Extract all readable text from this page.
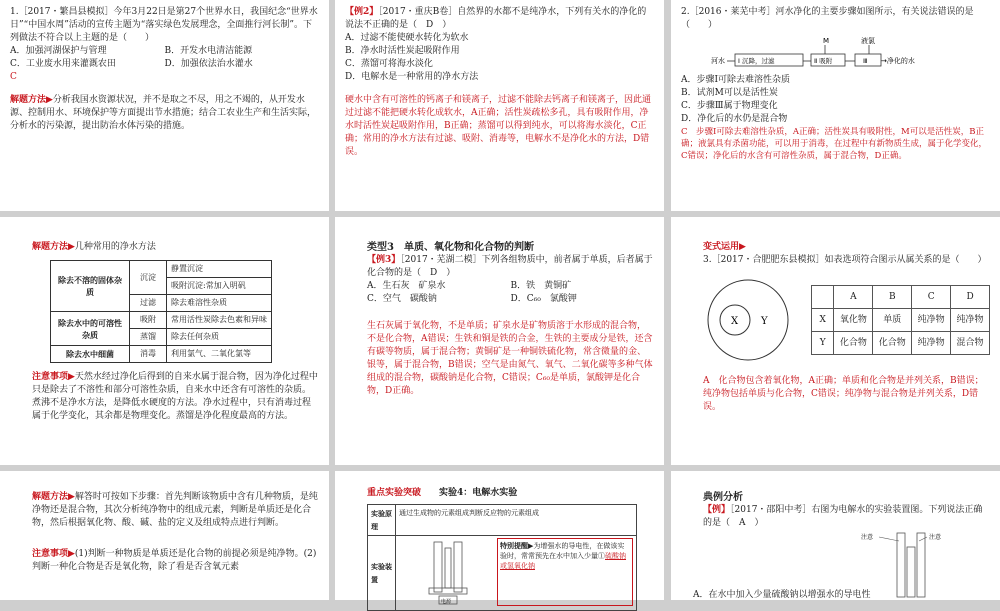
1.［2017・繁昌县模拟］今年3月22日是第27个世界水日，我国纪念“世界水日”“中国水周”活动的宣传主题为“落实绿色发展理念，全面推行河长制”。下列做法不符合以上主题的是（　　）
A．加强河湖保护与管理	B．开发水电清洁能源
C．工业废水用来灌溉农田	D．加强依法治水灌水
C
解题方法▶分析我国水资源状况，并不是取之不尽，用之不竭的，从开发水源、控制用水、环境保护等方面提出节水措施；结合工农业生产和生活实际，分析水的污染源，提出防治水体污染的措施。
【例2】［2017・重庆B卷］自然界的水都不是纯净水，下列有关水的净化的说法不正确的是（　D　）
A．过滤不能使硬水转化为软水
B．净水时活性炭起吸附作用
C．蒸馏可将海水淡化
D．电解水是一种常用的净水方法
硬水中含有可溶性的钙离子和镁离子，过滤不能除去钙离子和镁离子，因此通过过滤不能把硬水转化成软水，A正确；活性炭疏松多孔，具有吸附作用，净水时活性炭起吸附作用，B正确；蒸馏可以得到纯水，可以将海水淡化，C正确；常用的净水方法有过滤、吸附、消毒等，电解水不是净化水的方法，D错误。
2.［2016・莱芜中考］河水净化的主要步骤如图所示，有关说法错误的是（　　）
M	液氯
河水 Ⅰ 沉降，过滤	Ⅱ 吸附	Ⅲ →净化的水
A．步骤Ⅰ可除去难溶性杂质
B．试剂M可以是活性炭
C．步骤Ⅲ属于物理变化
D．净化后的水仍是混合物
C　步骤Ⅰ可除去难溶性杂质，A正确；活性炭具有吸附性，M可以是活性炭，B正确；液氯具有杀菌功能，可以用于消毒，在过程中有新物质生成，属于化学变化，C错误；净化后的水含有可溶性杂质，属于混合物，D正确。
解题方法▶几种常用的净水方法
除去不溶的固体杂质	沉淀	静置沉淀
		吸附沉淀:常加入明矾
	过滤	除去难溶性杂质
除去水中的可溶性杂质	吸附	常用活性炭除去色素和异味
	蒸馏	除去任何杂质
除去水中细菌	消毒	利用氯气、二氧化氯等
注意事项▶天然水经过净化后得到的自来水属于混合物，因为净化过程中只是除去了不溶性和部分可溶性杂质，自来水中还含有可溶性的杂质。煮沸不是净水方法，是降低水硬度的方法。净水过程中，只有消毒过程属于化学变化，其余都是物理变化。蒸馏是净化程度最高的方法。
类型3　 单质、氧化物和化合物的判断
【例3】［2017・芜湖二模］下列各组物质中，前者属于单质，后者属于化合物的是（　D　）
A．生石灰　矿泉水	B．铁　黄铜矿
C．空气　碳酸钠	D．C₆₀　氯酸钾
生石灰属于氧化物，不是单质；矿泉水是矿物质溶于水形成的混合物，不是化合物，A错误；生铁和铜是铁的合金，生铁的主要成分是铁，还含有碳等物质，属于混合物；黄铜矿是一种铜铁硫化物，常含微量的金、银等，属于混合物，B错误；空气是由氮气、氧气、二氧化碳等多种气体组成的混合物，碳酸钠是化合物，C错误；C₆₀是单质，氯酸钾是化合物，D正确。
变式运用▶
3.［2017・合肥肥东县模拟］如表选项符合图示从属关系的是（　　）
X Y
	A	B	C	D
X	氧化物	单质	纯净物	纯净物
Y	化合物	化合物	纯净物	混合物
A　化合物包含着氧化物，A正确；单质和化合物是并列关系，B错误；纯净物包括单质与化合物，C错误；纯净物与混合物是并列关系，D错误。
解题方法▶解答时可按如下步骤：首先判断该物质中含有几种物质，是纯净物还是混合物，其次分析纯净物中的组成元素，判断是单质还是化合物，然后根据氧化物、酸、碱、盐的定义及组成特点进行判断。
注意事项▶(1)判断一种物质是单质还是化合物的前提必须是纯净物。(2)判断一种化合物是否是氧化物，除了看是否含氧元素
重点实验突破　　 实验4：电解水实验
实验原理	通过生成物的元素组成判断反应物的元素组成
实验装置	电源
特别提醒▶为增强水的导电性，在做该实验时，常常预先在水中加入少量①硫酸钠或氢氧化钠
典例分析
【例】［2017・邵阳中考］右图为电解水的实验装置图。下列说法正确的是（　A　）
注意	注意
A．在水中加入少量硫酸钠以增强水的导电性
